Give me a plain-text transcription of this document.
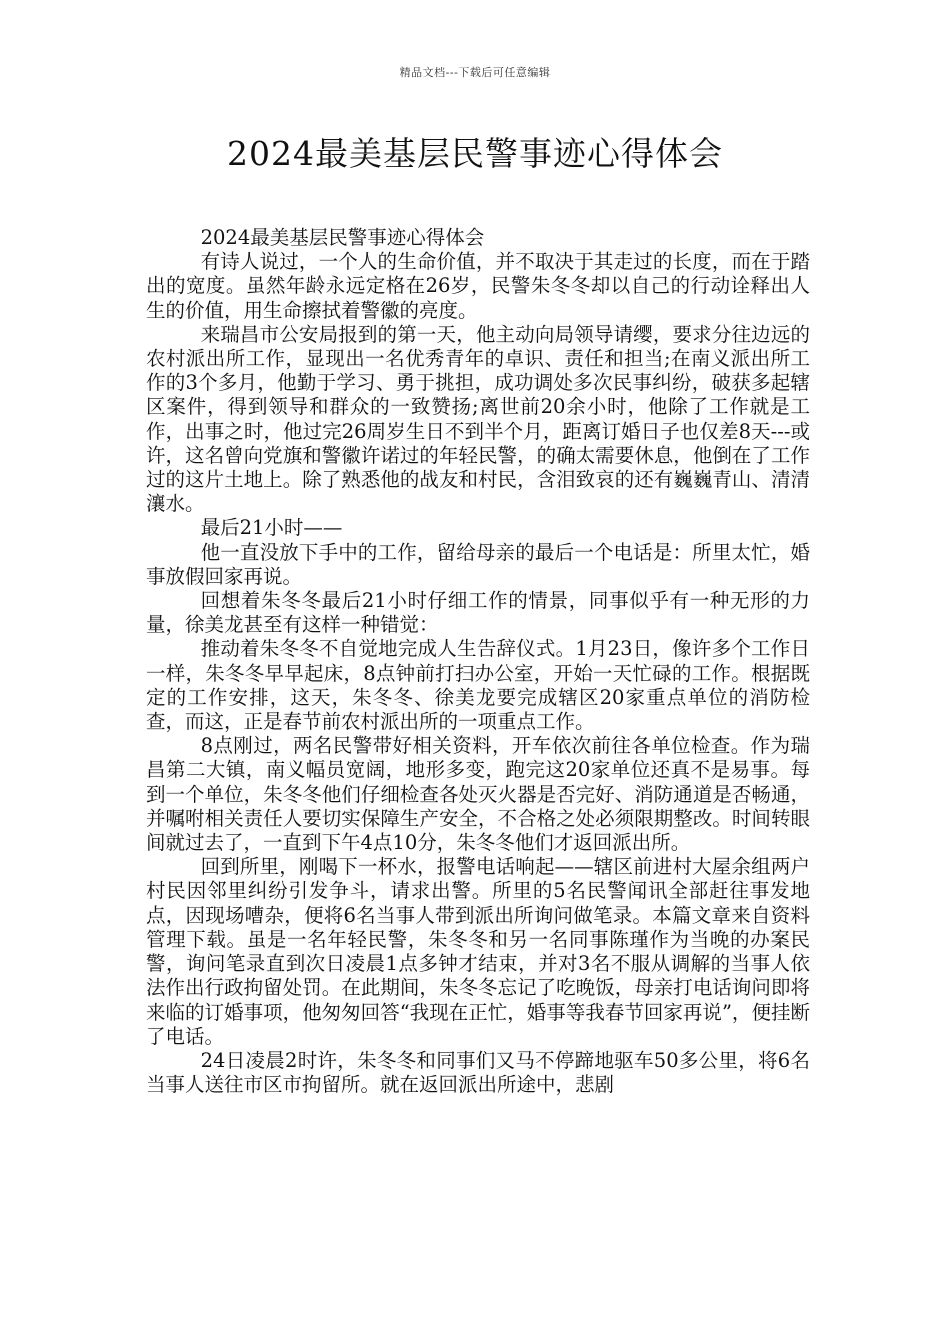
精品文档---下载后可任意编辑
2024最美基层民警事迹心得体会

2024最美基层民警事迹心得体会

有诗人说过，一个人的生命价值，并不取决于其走过的长度，而在于踏出的宽度。虽然年龄永远定格在26岁，民警朱冬冬却以自己的行动诠释出人生的价值，用生命擦拭着警徽的亮度。

来瑞昌市公安局报到的第一天，他主动向局领导请缨，要求分往边远的农村派出所工作，显现出一名优秀青年的卓识、责任和担当;在南义派出所工作的3个多月，他勤于学习、勇于挑担，成功调处多次民事纠纷，破获多起辖区案件，得到领导和群众的一致赞扬;离世前20余小时，他除了工作就是工作，出事之时，他过完26周岁生日不到半个月，距离订婚日子也仅差8天---或许，这名曾向党旗和警徽许诺过的年轻民警，的确太需要休息，他倒在了工作过的这片土地上。除了熟悉他的战友和村民，含泪致哀的还有巍巍青山、清清瀼水。

最后21小时——

他一直没放下手中的工作，留给母亲的最后一个电话是：所里太忙，婚事放假回家再说。

回想着朱冬冬最后21小时仔细工作的情景，同事似乎有一种无形的力量，徐美龙甚至有这样一种错觉：

推动着朱冬冬不自觉地完成人生告辞仪式。1月23日，像许多个工作日一样，朱冬冬早早起床，8点钟前打扫办公室，开始一天忙碌的工作。根据既定的工作安排，这天，朱冬冬、徐美龙要完成辖区20家重点单位的消防检查，而这，正是春节前农村派出所的一项重点工作。

8点刚过，两名民警带好相关资料，开车依次前往各单位检查。作为瑞昌第二大镇，南义幅员宽阔，地形多变，跑完这20家单位还真不是易事。每到一个单位，朱冬冬他们仔细检查各处灭火器是否完好、消防通道是否畅通，并嘱咐相关责任人要切实保障生产安全，不合格之处必须限期整改。时间转眼间就过去了，一直到下午4点10分，朱冬冬他们才返回派出所。

回到所里，刚喝下一杯水，报警电话响起——辖区前进村大屋余组两户村民因邻里纠纷引发争斗，请求出警。所里的5名民警闻讯全部赶往事发地点，因现场嘈杂，便将6名当事人带到派出所询问做笔录。本篇文章来自资料管理下载。虽是一名年轻民警，朱冬冬和另一名同事陈瑾作为当晚的办案民警，询问笔录直到次日凌晨1点多钟才结束，并对3名不服从调解的当事人依法作出行政拘留处罚。在此期间，朱冬冬忘记了吃晚饭，母亲打电话询问即将来临的订婚事项，他匆匆回答“我现在正忙，婚事等我春节回家再说”，便挂断了电话。

24日凌晨2时许，朱冬冬和同事们又马不停蹄地驱车50多公里，将6名当事人送往市区市拘留所。就在返回派出所途中，悲剧
